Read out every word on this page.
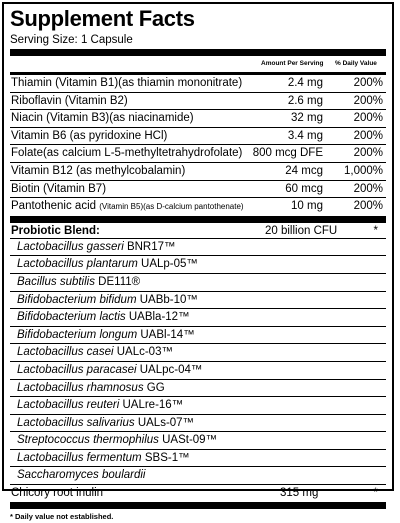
Supplement Facts
Serving Size: 1 Capsule
Amount Per Serving % Daily Value
Thiamin (Vitamin B1)(as thiamin mononitrate)	2.4 mg	200%
Riboflavin (Vitamin B2)	2.6 mg	200%
Niacin (Vitamin B3)(as niacinamide)	32 mg	200%
Vitamin B6 (as pyridoxine HCl)	3.4 mg	200%
Folate(as calcium L-5-methyltetrahydrofolate) 800 mcg DFE	200%
Vitamin B12 (as methylcobalamin)	24 mcg 1,000%
Biotin (Vitamin B7)	60 mcg	200%
Pantothenic acid (Vitamin B5)(as D-calcium pantothenate)	10 mg	200%
Probiotic Blend:	20 billion CFU	*
Lactobacillus gasseri BNR17™
Lactobacillus plantarum UALp-05™
Bacillus subtilis DE111®
Bifidobacterium bifidum UABb-10™
Bifidobacterium lactis UABla-12™
Bifidobacterium longum UABl-14™
Lactobacillus casei UALc-03™
Lactobacillus paracasei UALpc-04™
Lactobacillus rhamnosus GG
Lactobacillus reuteri UALre-16™
Lactobacillus salivarius UALs-07™
Streptococcus thermophilus UASt-09™
Lactobacillus fermentum SBS-1™
Saccharomyces boulardii
Chicory root inulin	315 mg	*
* Daily value not established.
